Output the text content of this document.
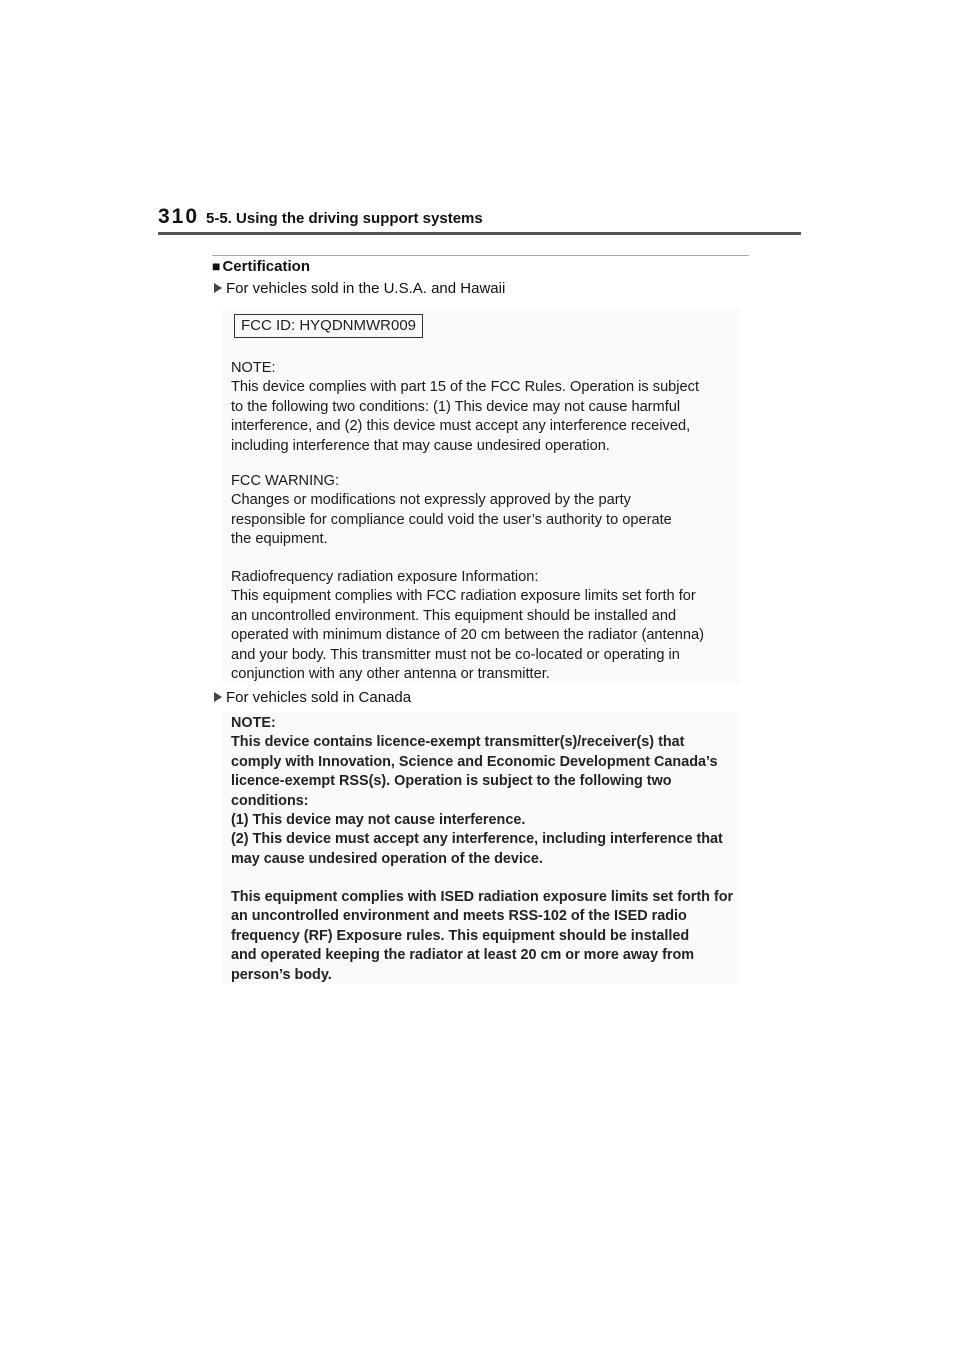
310 5-5. Using the driving support systems
■ Certification
For vehicles sold in the U.S.A. and Hawaii
FCC ID: HYQDNMWR009
NOTE:
This device complies with part 15 of the FCC Rules. Operation is subject
to the following two conditions: (1) This device may not cause harmful
interference, and (2) this device must accept any interference received,
including interference that may cause undesired operation.
FCC WARNING:
Changes or modifications not expressly approved by the party
responsible for compliance could void the user’s authority to operate
the equipment.
Radiofrequency radiation exposure Information:
This equipment complies with FCC radiation exposure limits set forth for
an uncontrolled environment. This equipment should be installed and
operated with minimum distance of 20 cm between the radiator (antenna)
and your body. This transmitter must not be co-located or operating in
conjunction with any other antenna or transmitter.
For vehicles sold in Canada
NOTE:
This device contains licence-exempt transmitter(s)/receiver(s) that
comply with Innovation, Science and Economic Development Canada’s
licence-exempt RSS(s). Operation is subject to the following two
conditions:
(1) This device may not cause interference.
(2) This device must accept any interference, including interference that
may cause undesired operation of the device.
This equipment complies with ISED radiation exposure limits set forth for
an uncontrolled environment and meets RSS-102 of the ISED radio
frequency (RF) Exposure rules. This equipment should be installed
and operated keeping the radiator at least 20 cm or more away from
person’s body.
